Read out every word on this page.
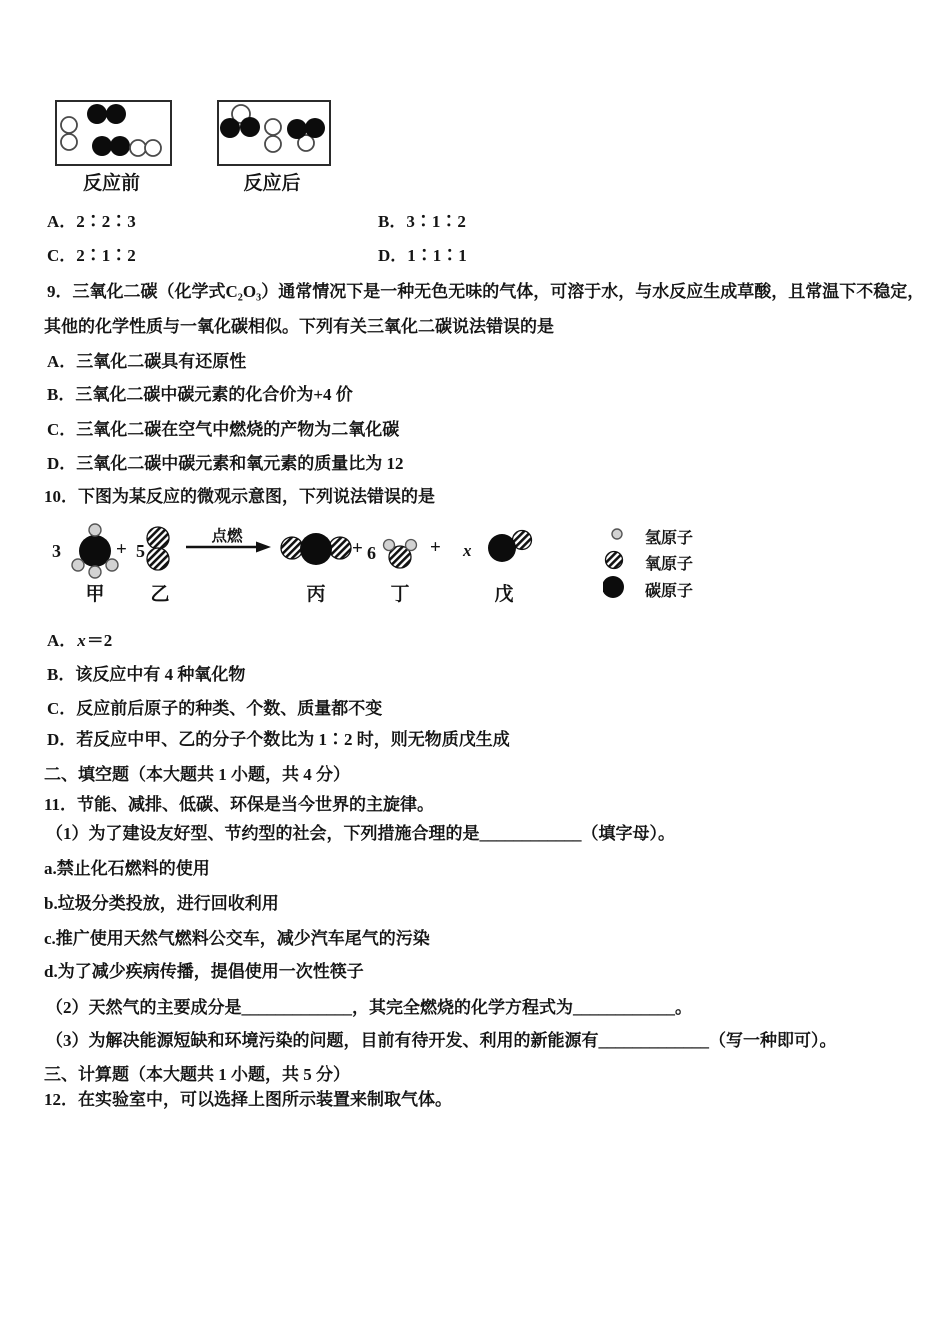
反应前	反应后
A．2∶2∶3	B．3∶1∶2
C．2∶1∶2	D．1∶1∶1
9．三氧化二碳（化学式C₂O₃）通常情况下是一种无色无味的气体，可溶于水，与水反应生成草酸，且常温下不稳定，
其他的化学性质与一氧化碳相似。下列有关三氧化二碳说法错误的是
A．三氧化二碳具有还原性
B．三氧化二碳中碳元素的化合价为+4 价
C．三氧化二碳在空气中燃烧的产物为二氧化碳
D．三氧化二碳中碳元素和氧元素的质量比为 12
10．下图为某反应的微观示意图，下列说法错误的是
3	+ 5
点燃
+ 6	+ x
甲 乙	丙	丁	戊
氢原子
氧原子
碳原子
A．x＝2
B．该反应中有 4 种氧化物
C．反应前后原子的种类、个数、质量都不变
D．若反应中甲、乙的分子个数比为 1∶2 时，则无物质戊生成
二、填空题（本大题共 1 小题，共 4 分）
11．节能、减排、低碳、环保是当今世界的主旋律。
（1）为了建设友好型、节约型的社会，下列措施合理的是____________（填字母）。
a.禁止化石燃料的使用
b.垃圾分类投放，进行回收利用
c.推广使用天然气燃料公交车，减少汽车尾气的污染
d.为了减少疾病传播，提倡使用一次性筷子
（2）天然气的主要成分是_____________，其完全燃烧的化学方程式为____________。
（3）为解决能源短缺和环境污染的问题，目前有待开发、利用的新能源有_____________（写一种即可）。
三、计算题（本大题共 1 小题，共 5 分）
12．在实验室中，可以选择上图所示装置来制取气体。
